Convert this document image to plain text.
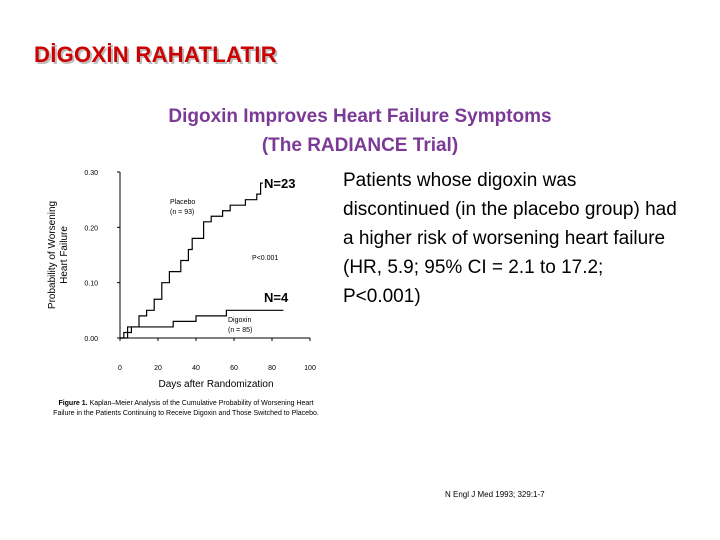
DİGOXİN RAHATLATIR
Digoxin Improves Heart Failure Symptoms
(The RADIANCE Trial)
Probability of Worsening
Days after Randomization
0.00
0.10
0.20
0.30
0	20	40	60	80	100
Placebo
(n = 93)
P<0.001
Digoxin
(n = 85)
Heart Failure
N=23
N=4
Figure 1. Kaplan–Meier Analysis of the Cumulative Probability of Worsening Heart Failure in the Patients Continuing to Receive Digoxin and Those Switched to Placebo.
Patients whose digoxin was discontinued (in the placebo group) had a higher risk of worsening heart failure (HR, 5.9; 95% CI = 2.1 to 17.2; P<0.001)
N Engl J Med 1993; 329:1-7
